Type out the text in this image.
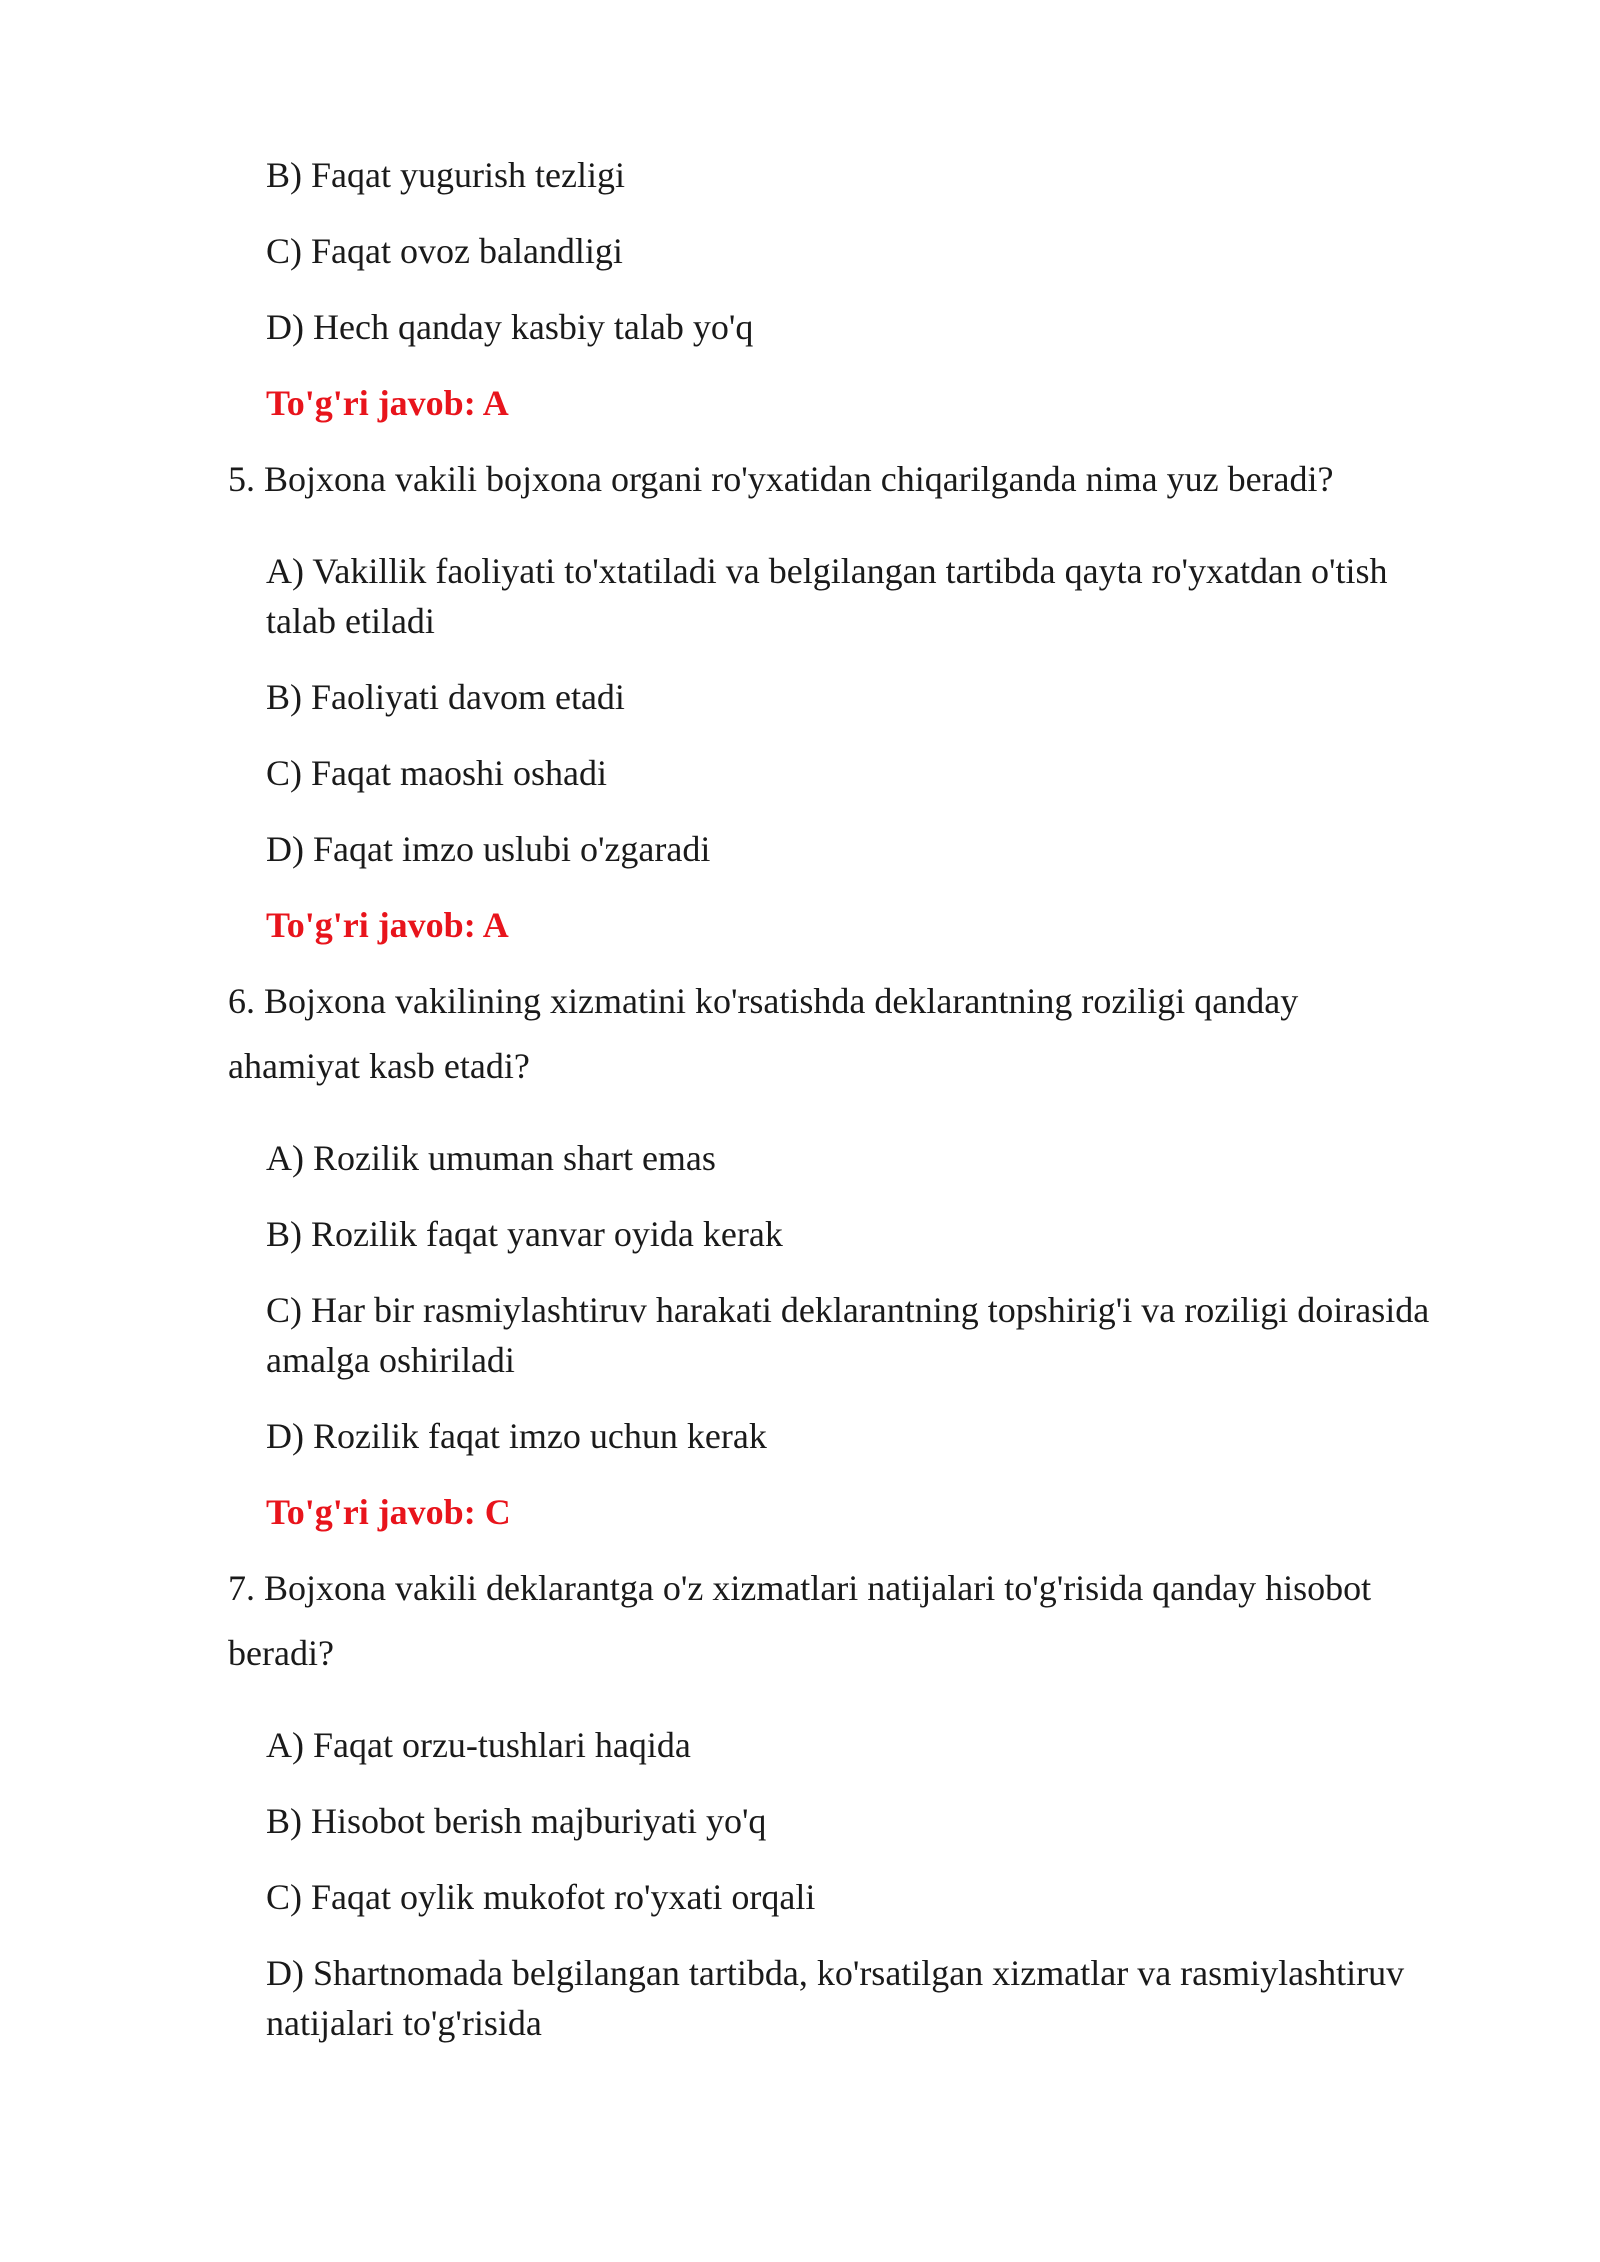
B) Faqat yugurish tezligi
C) Faqat ovoz balandligi
D) Hech qanday kasbiy talab yo'q
To'g'ri javob: A
5. Bojxona vakili bojxona organi ro'yxatidan chiqarilganda nima yuz beradi?
A) Vakillik faoliyati to'xtatiladi va belgilangan tartibda qayta ro'yxatdan o'tish
talab etiladi
B) Faoliyati davom etadi
C) Faqat maoshi oshadi
D) Faqat imzo uslubi o'zgaradi
To'g'ri javob: A
6. Bojxona vakilining xizmatini ko'rsatishda deklarantning roziligi qanday
ahamiyat kasb etadi?
A) Rozilik umuman shart emas
B) Rozilik faqat yanvar oyida kerak
C) Har bir rasmiylashtiruv harakati deklarantning topshirig'i va roziligi doirasida
amalga oshiriladi
D) Rozilik faqat imzo uchun kerak
To'g'ri javob: C
7. Bojxona vakili deklarantga o'z xizmatlari natijalari to'g'risida qanday hisobot
beradi?
A) Faqat orzu-tushlari haqida
B) Hisobot berish majburiyati yo'q
C) Faqat oylik mukofot ro'yxati orqali
D) Shartnomada belgilangan tartibda, ko'rsatilgan xizmatlar va rasmiylashtiruv
natijalari to'g'risida
